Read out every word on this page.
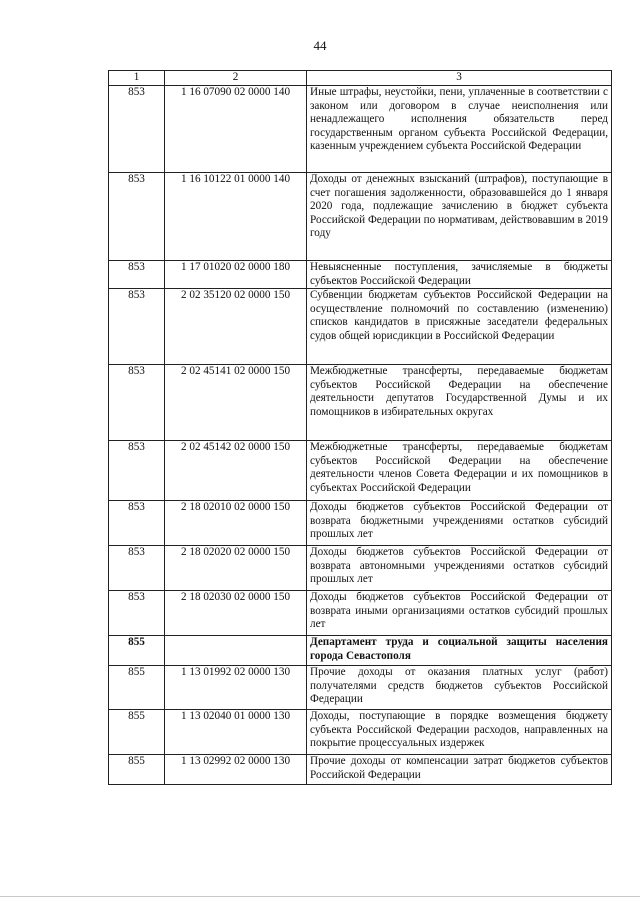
44
1	2	3
853	1 16 07090 02 0000 140	Иные штрафы, неустойки, пени, уплаченные в соответствии с законом или договором в случае неисполнения или ненадлежащего исполнения обязательств перед государственным органом субъекта Российской Федерации, казенным учреждением субъекта Российской Федерации
853	1 16 10122 01 0000 140	Доходы от денежных взысканий (штрафов), поступающие в счет погашения задолженности, образовавшейся до 1 января 2020 года, подлежащие зачислению в бюджет субъекта Российской Федерации по нормативам, действовавшим в 2019 году
853	1 17 01020 02 0000 180	Невыясненные поступления, зачисляемые в бюджеты субъектов Российской Федерации
853	2 02 35120 02 0000 150	Субвенции бюджетам субъектов Российской Федерации на осуществление полномочий по составлению (изменению) списков кандидатов в присяжные заседатели федеральных судов общей юрисдикции в Российской Федерации
853	2 02 45141 02 0000 150	Межбюджетные трансферты, передаваемые бюджетам субъектов Российской Федерации на обеспечение деятельности депутатов Государственной Думы и их помощников в избирательных округах
853	2 02 45142 02 0000 150	Межбюджетные трансферты, передаваемые бюджетам субъектов Российской Федерации на обеспечение деятельности членов Совета Федерации и их помощников в субъектах Российской Федерации
853	2 18 02010 02 0000 150	Доходы бюджетов субъектов Российской Федерации от возврата бюджетными учреждениями остатков субсидий прошлых лет
853	2 18 02020 02 0000 150	Доходы бюджетов субъектов Российской Федерации от возврата автономными учреждениями остатков субсидий прошлых лет
853	2 18 02030 02 0000 150	Доходы бюджетов субъектов Российской Федерации от возврата иными организациями остатков субсидий прошлых лет
855		Департамент труда и социальной защиты населения города Севастополя
855	1 13 01992 02 0000 130	Прочие доходы от оказания платных услуг (работ) получателями средств бюджетов субъектов Российской Федерации
855	1 13 02040 01 0000 130	Доходы, поступающие в порядке возмещения бюджету субъекта Российской Федерации расходов, направленных на покрытие процессуальных издержек
855	1 13 02992 02 0000 130	Прочие доходы от компенсации затрат бюджетов субъектов Российской Федерации
